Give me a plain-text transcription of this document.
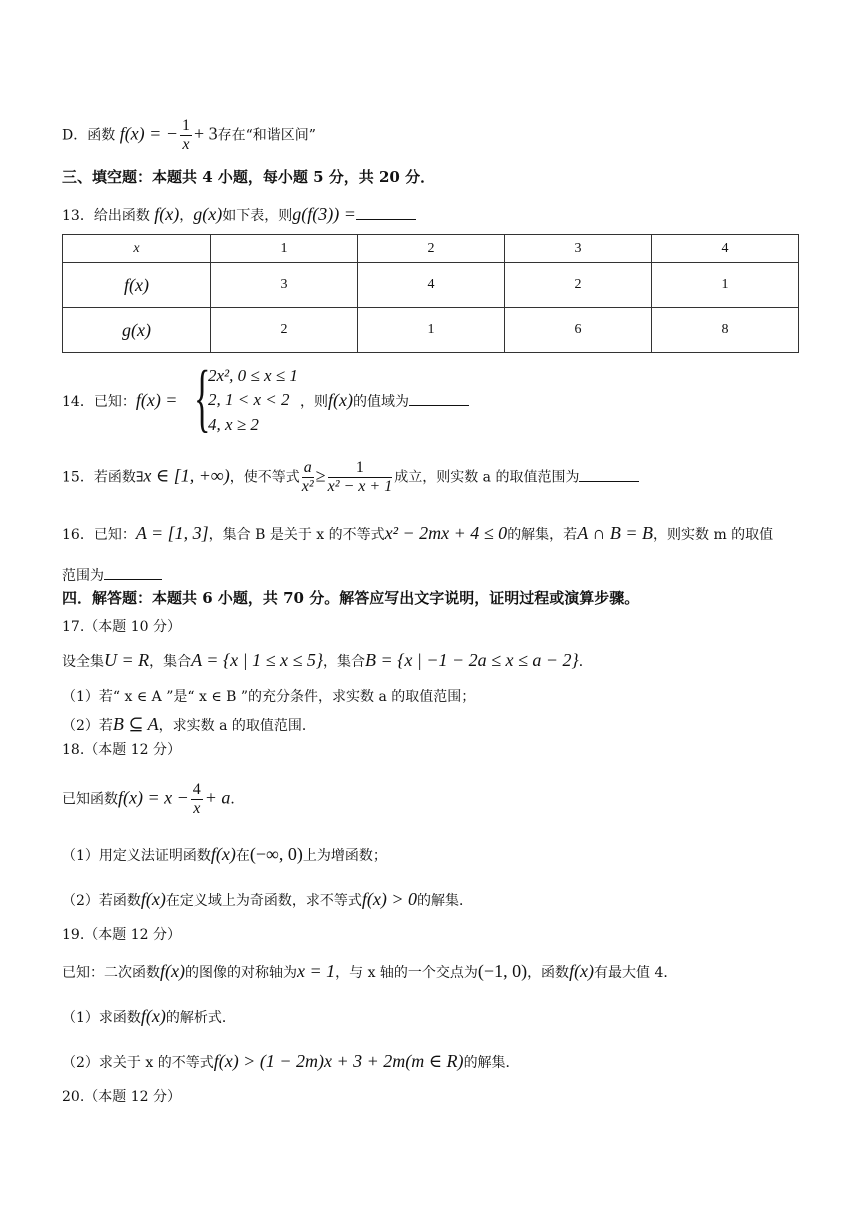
D．函数 f(x) = − $\frac{1}{x} + 3$存在“和谐区间”
三、填空题：本题共 4 小题，每小题 5 分，共 20 分．
13．给出函数 f(x)，g(x)如下表，则g(f(3)) =
x	1	2	3	4
f(x)	3	4	2	1
g(x)	2	1	6	8
14．已知：f(x) = {
2x², 0 ≤ x ≤ 1
2, 1 < x < 2
4, x ≥ 2
，则f(x)的值域为
15．若函数∃x ∈ [1, +∞)，使不等式 $\frac{a}{\text{x²}} \ge \frac{1}{\text{x² − x + 1}}$ 成立，则实数 a 的取值范围为
16．已知：A = [1, 3]，集合 B 是关于 x 的不等式x² − 2mx + 4 ≤ 0的解集，若A ∩ B = B，则实数 m 的取值
范围为
四．解答题：本题共 6 小题，共 70 分。解答应写出文字说明，证明过程或演算步骤。
17.（本题 10 分）
设全集U = R，集合A = {x | 1 ≤ x ≤ 5}，集合B = {x | −1 − 2a ≤ x ≤ a − 2}．
（1）若“ x ∈ A ”是“ x ∈ B ”的充分条件，求实数 a 的取值范围；
（2）若B ⊆ A，求实数 a 的取值范围．
18.（本题 12 分）
已知函数$f(x) = x - \frac{4}{x} + a$．
（1）用定义法证明函数f(x)在(−∞, 0)上为增函数；
（2）若函数f(x)在定义域上为奇函数，求不等式f(x) > 0的解集．
19.（本题 12 分）
已知：二次函数f(x)的图像的对称轴为x = 1，与 x 轴的一个交点为(−1, 0)，函数f(x)有最大值 4．
（1）求函数f(x)的解析式．
（2）求关于 x 的不等式f(x) > (1 − 2m)x + 3 + 2m(m ∈ R)的解集．
20.（本题 12 分）
